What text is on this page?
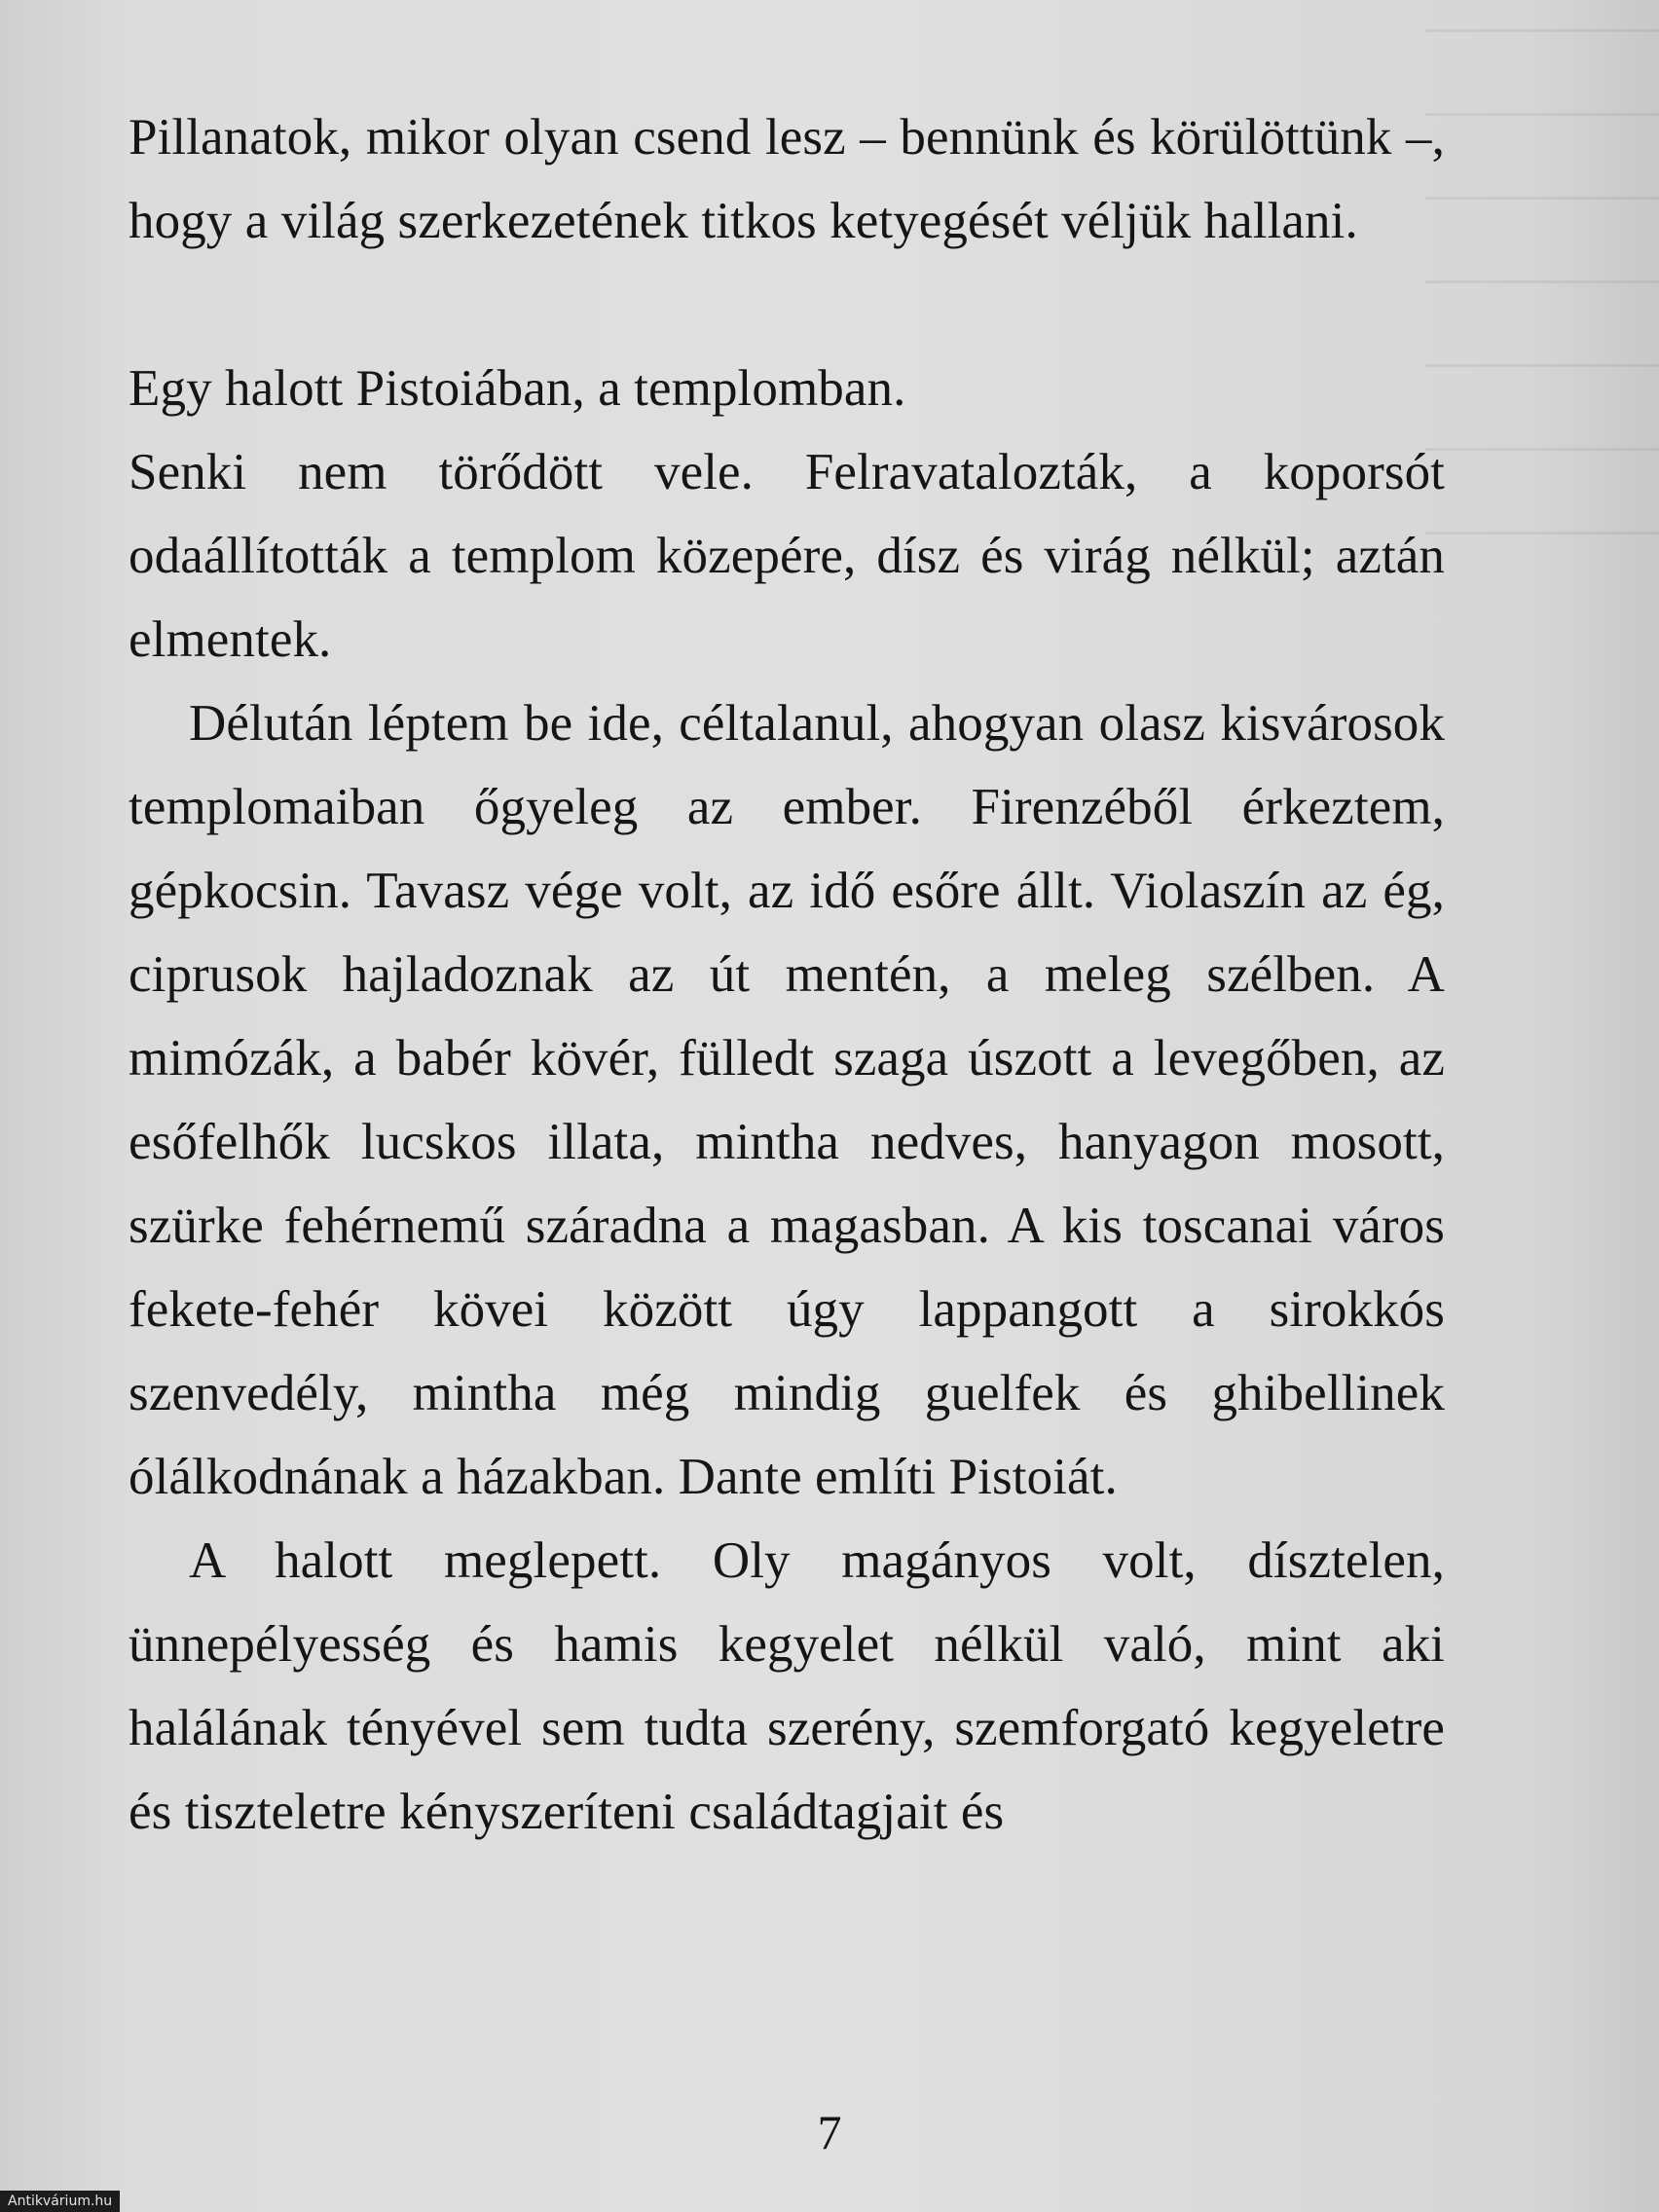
Pillanatok, mikor olyan csend lesz – bennünk és körülöttünk –, hogy a világ szerkezetének titkos ketyegését véljük hallani.

Egy halott Pistoiában, a templomban.

Senki nem törődött vele. Felravatalozták, a koporsót odaállították a templom közepére, dísz és virág nélkül; aztán elmentek.

Délután léptem be ide, céltalanul, ahogyan olasz kisvárosok templomaiban őgyeleg az ember. Firenzéből érkeztem, gépkocsin. Tavasz vége volt, az idő esőre állt. Violaszín az ég, ciprusok hajladoznak az út mentén, a meleg szélben. A mimózák, a babér kövér, fülledt szaga úszott a levegőben, az esőfelhők lucskos illata, mintha nedves, hanyagon mosott, szürke fehérnemű száradna a magasban. A kis toscanai város fekete-fehér kövei között úgy lappangott a sirokkós szenvedély, mintha még mindig guelfek és ghibellinek ólálkodnának a házakban. Dante említi Pistoiát.

A halott meglepett. Oly magányos volt, dísztelen, ünnepélyesség és hamis kegyelet nélkül való, mint aki halálának tényével sem tudta szerény, szemforgató kegyeletre és tiszteletre kényszeríteni családtagjait és

7
Antikvárium.hu
